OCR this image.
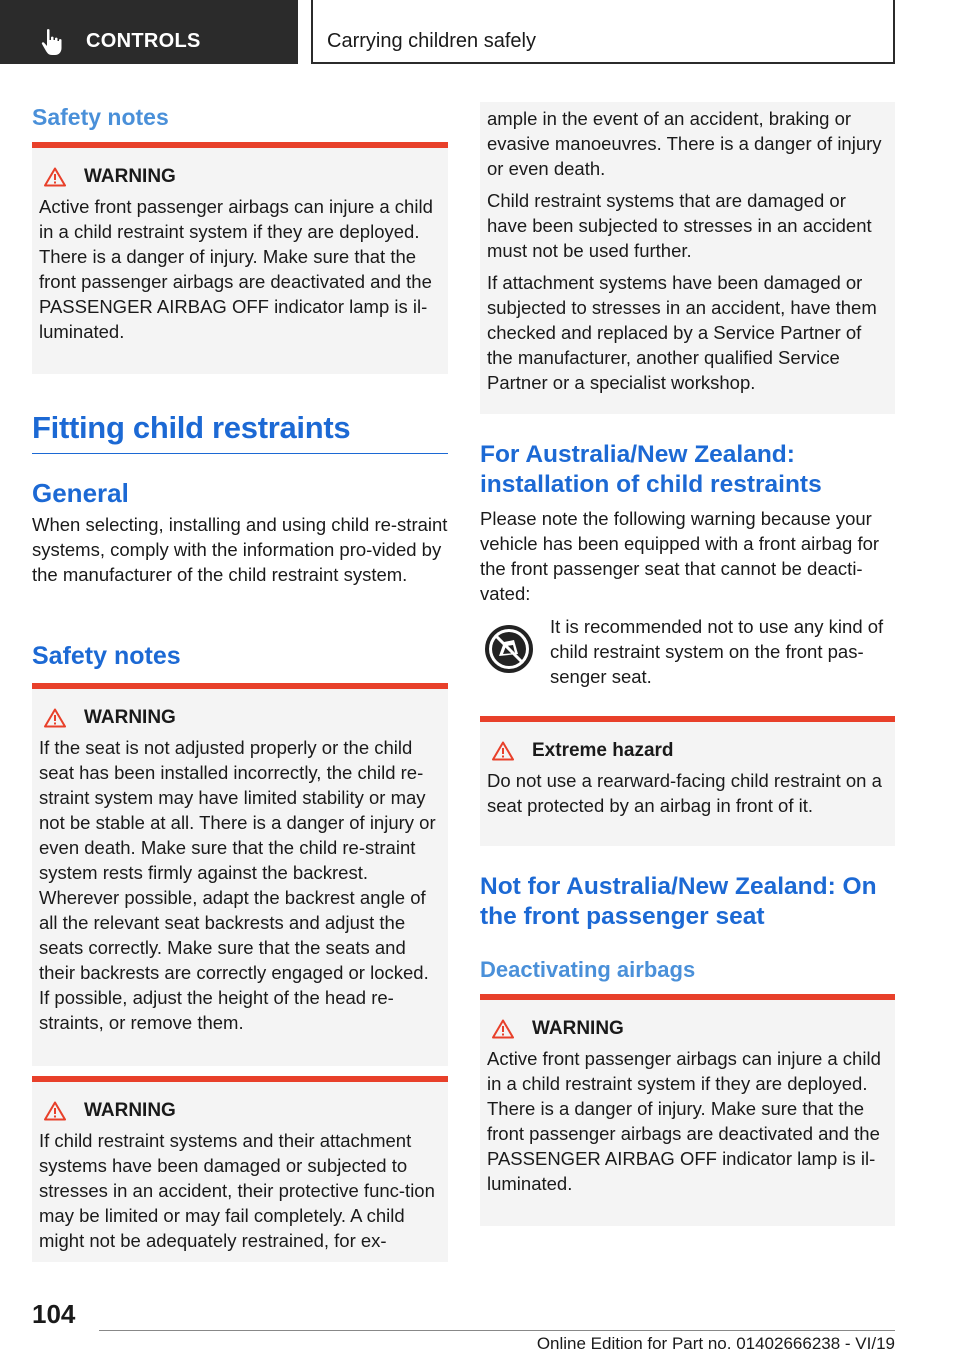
CONTROLS	Carrying children safely

Safety notes

WARNING

Active front passenger airbags can injure a child in a child restraint system if they are deployed. There is a danger of injury. Make sure that the front passenger airbags are deactivated and the PASSENGER AIRBAG OFF indicator lamp is il-luminated.

Fitting child restraints

General

When selecting, installing and using child re-straint systems, comply with the information pro-vided by the manufacturer of the child restraint system.

Safety notes

WARNING

If the seat is not adjusted properly or the child seat has been installed incorrectly, the child re-straint system may have limited stability or may not be stable at all. There is a danger of injury or even death. Make sure that the child re-straint system rests firmly against the backrest. Wherever possible, adapt the backrest angle of all the relevant seat backrests and adjust the seats correctly. Make sure that the seats and their backrests are correctly engaged or locked. If possible, adjust the height of the head re-straints, or remove them.

WARNING

If child restraint systems and their attachment systems have been damaged or subjected to stresses in an accident, their protective func-tion may be limited or may fail completely. A child might not be adequately restrained, for ex-

ample in the event of an accident, braking or evasive manoeuvres. There is a danger of injury or even death.

Child restraint systems that are damaged or have been subjected to stresses in an accident must not be used further.

If attachment systems have been damaged or subjected to stresses in an accident, have them checked and replaced by a Service Partner of the manufacturer, another qualified Service Partner or a specialist workshop.

For Australia/New Zealand: installation of child restraints

Please note the following warning because your vehicle has been equipped with a front airbag for the front passenger seat that cannot be deacti-vated:

It is recommended not to use any kind of child restraint system on the front pas-senger seat.

Extreme hazard

Do not use a rearward-facing child restraint on a seat protected by an airbag in front of it.

Not for Australia/New Zealand: On the front passenger seat

Deactivating airbags

WARNING

Active front passenger airbags can injure a child in a child restraint system if they are deployed. There is a danger of injury. Make sure that the front passenger airbags are deactivated and the PASSENGER AIRBAG OFF indicator lamp is il-luminated.

104
Online Edition for Part no. 01402666238 - VI/19
